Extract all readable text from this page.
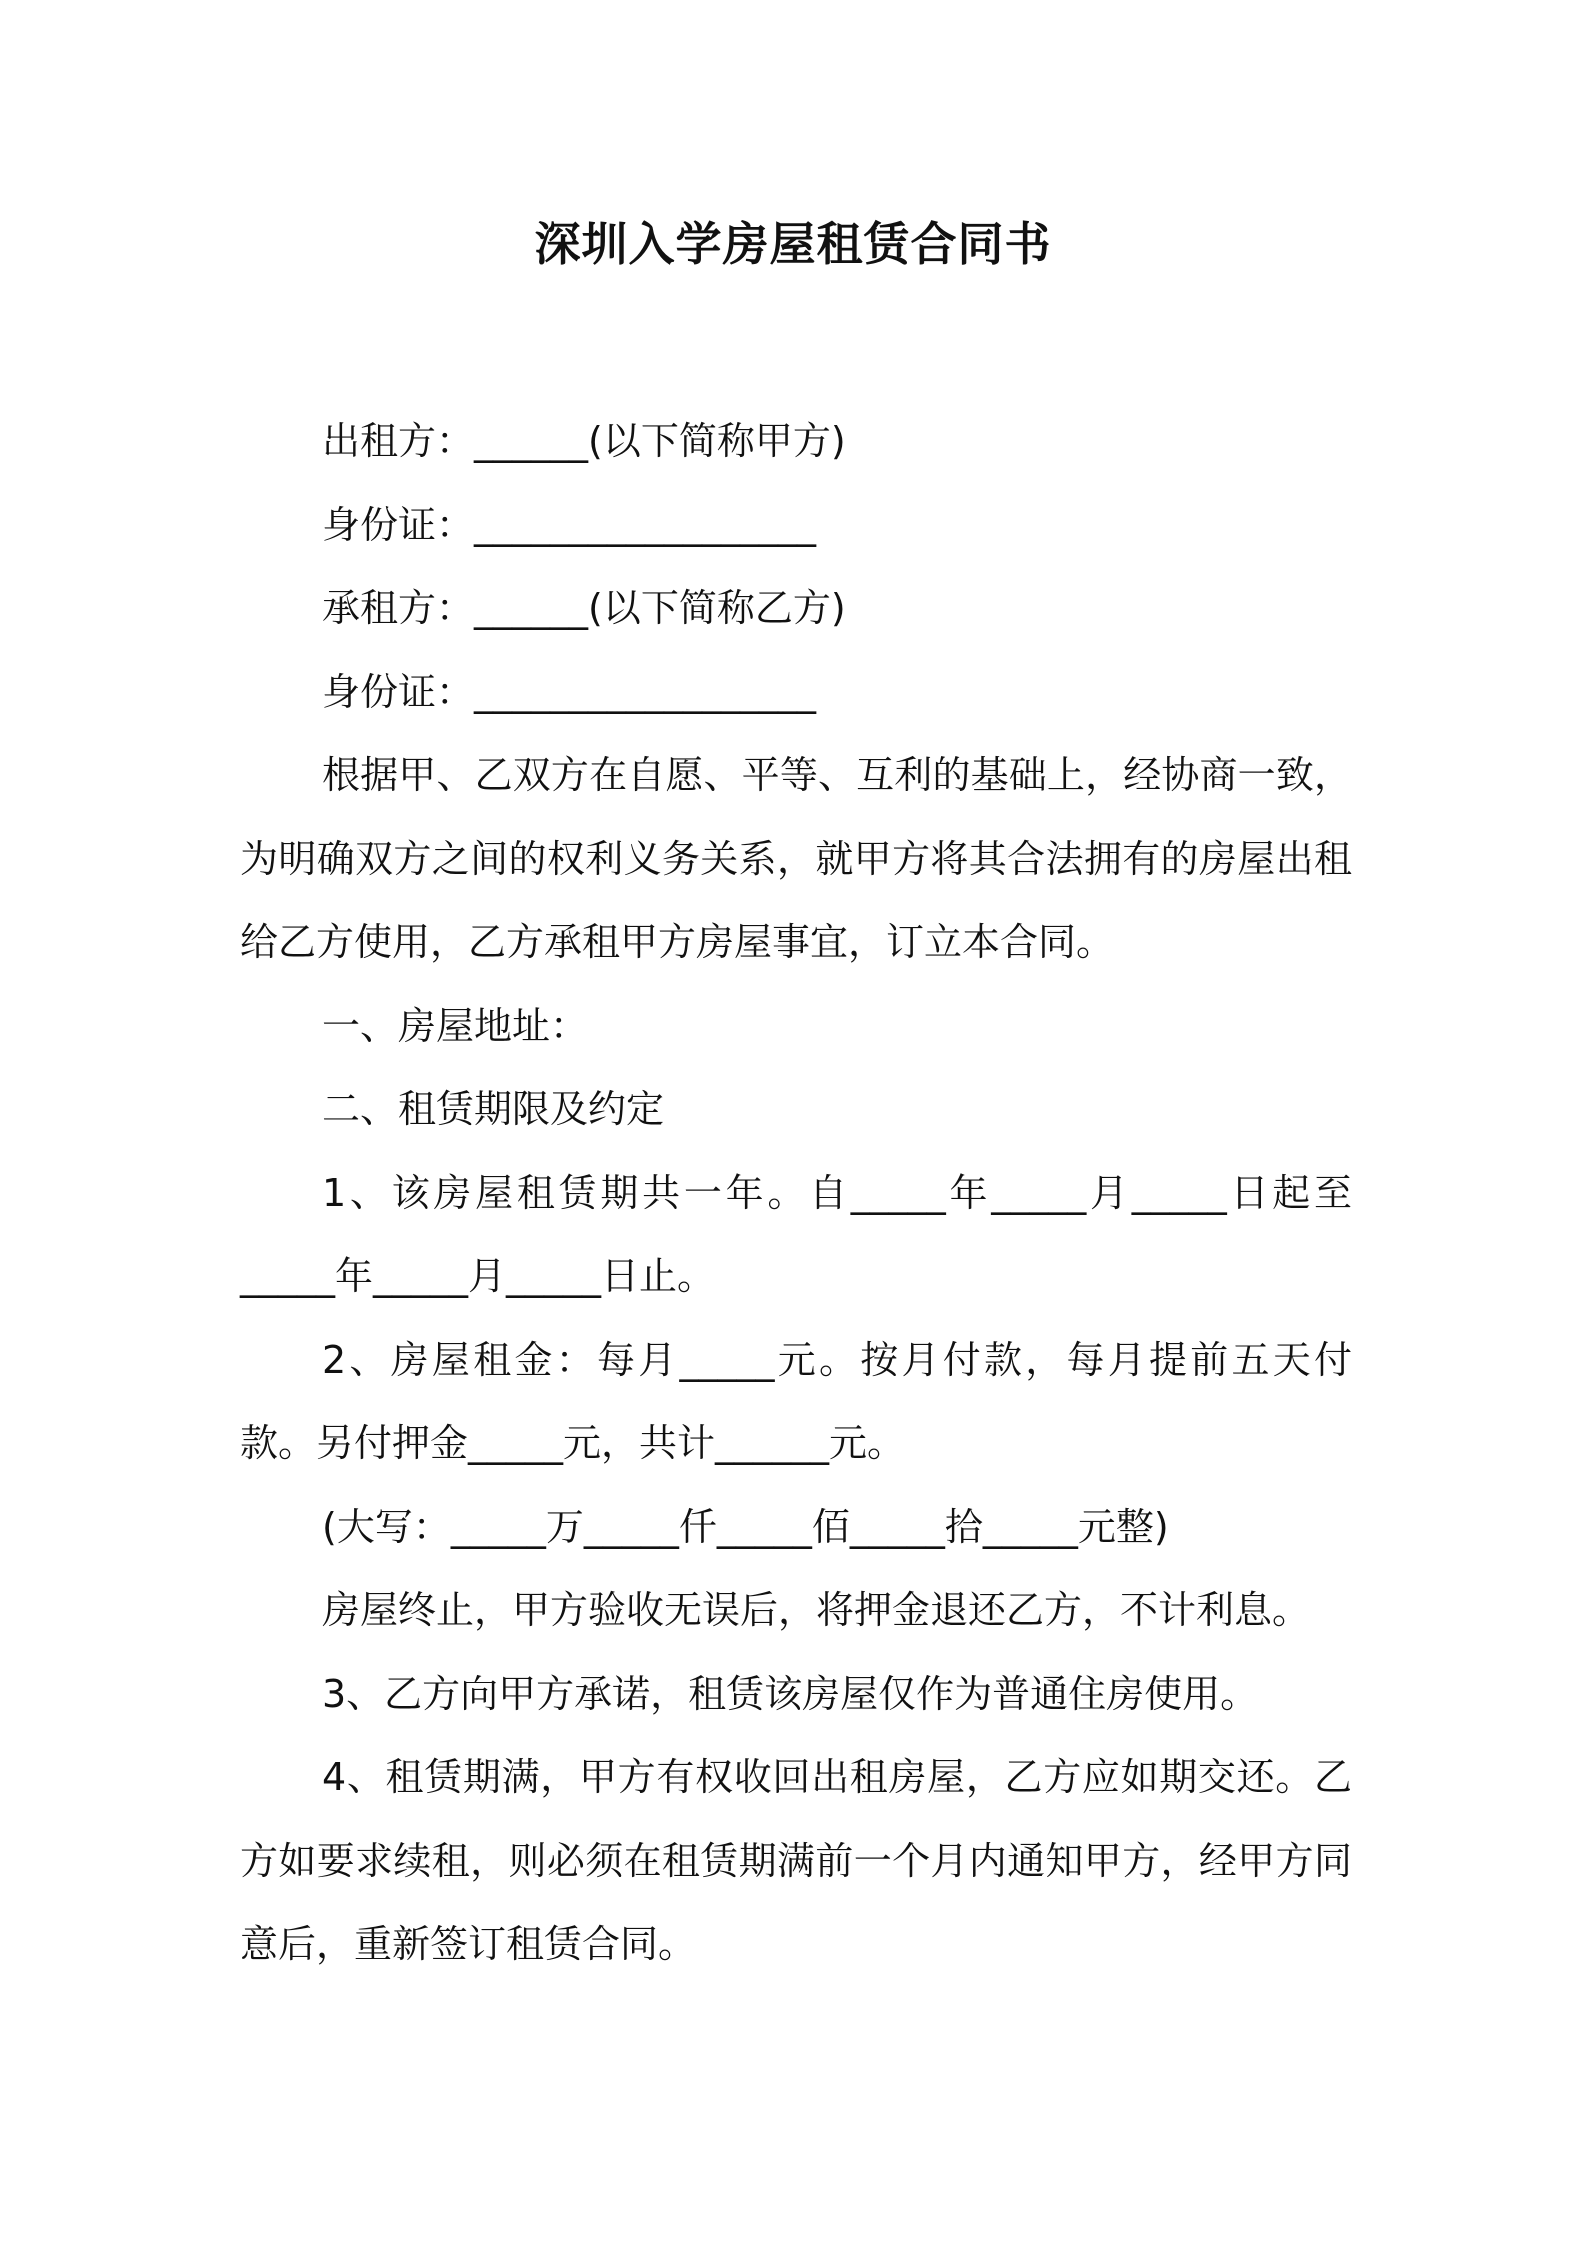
深圳入学房屋租赁合同书

出租方：______(以下简称甲方)

身份证：__________________

承租方：______(以下简称乙方)

身份证：__________________

根据甲、乙双方在自愿、平等、互利的基础上，经协商一致，为明确双方之间的权利义务关系，就甲方将其合法拥有的房屋出租给乙方使用，乙方承租甲方房屋事宜，订立本合同。

一、房屋地址：

二、租赁期限及约定

1、该房屋租赁期共一年。自_____年_____月_____日起至_____年_____月_____日止。

2、房屋租金：每月_____元。按月付款，每月提前五天付款。另付押金_____元，共计______元。

(大写：_____万_____仟_____佰_____拾_____元整)

房屋终止，甲方验收无误后，将押金退还乙方，不计利息。

3、乙方向甲方承诺，租赁该房屋仅作为普通住房使用。

4、租赁期满，甲方有权收回出租房屋，乙方应如期交还。乙方如要求续租，则必须在租赁期满前一个月内通知甲方，经甲方同意后，重新签订租赁合同。
